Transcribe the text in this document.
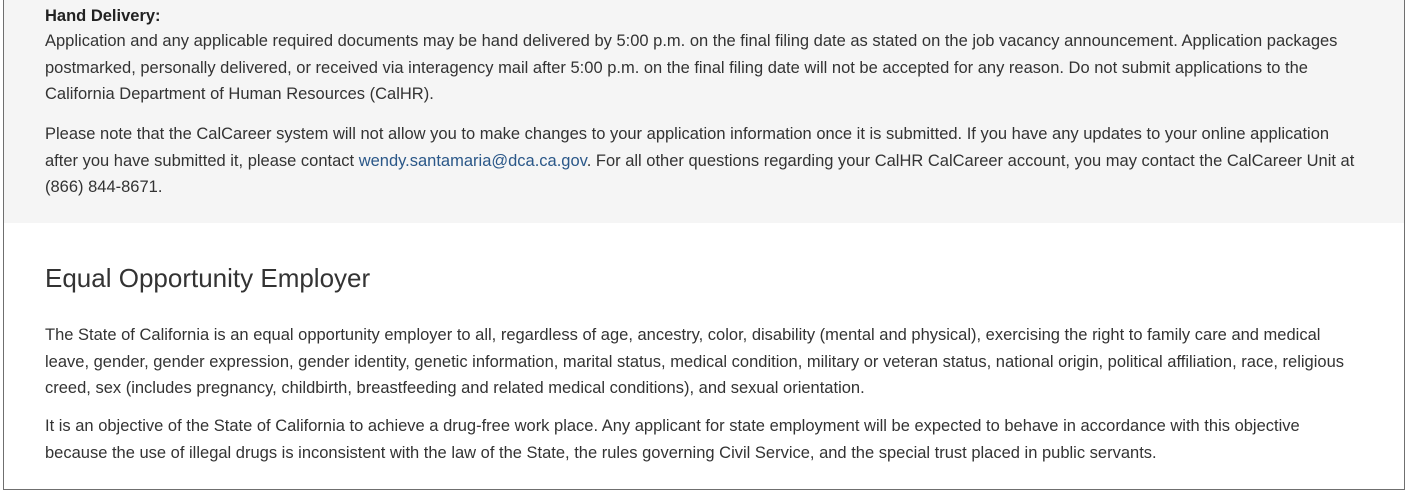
Hand Delivery:

Application and any applicable required documents may be hand delivered by 5:00 p.m. on the final filing date as stated on the job vacancy announcement. Application packages postmarked, personally delivered, or received via interagency mail after 5:00 p.m. on the final filing date will not be accepted for any reason. Do not submit applications to the California Department of Human Resources (CalHR).

Please note that the CalCareer system will not allow you to make changes to your application information once it is submitted. If you have any updates to your online application after you have submitted it, please contact wendy.santamaria@dca.ca.gov. For all other questions regarding your CalHR CalCareer account, you may contact the CalCareer Unit at (866) 844-8671.

Equal Opportunity Employer

The State of California is an equal opportunity employer to all, regardless of age, ancestry, color, disability (mental and physical), exercising the right to family care and medical leave, gender, gender expression, gender identity, genetic information, marital status, medical condition, military or veteran status, national origin, political affiliation, race, religious creed, sex (includes pregnancy, childbirth, breastfeeding and related medical conditions), and sexual orientation.

It is an objective of the State of California to achieve a drug-free work place. Any applicant for state employment will be expected to behave in accordance with this objective because the use of illegal drugs is inconsistent with the law of the State, the rules governing Civil Service, and the special trust placed in public servants.
